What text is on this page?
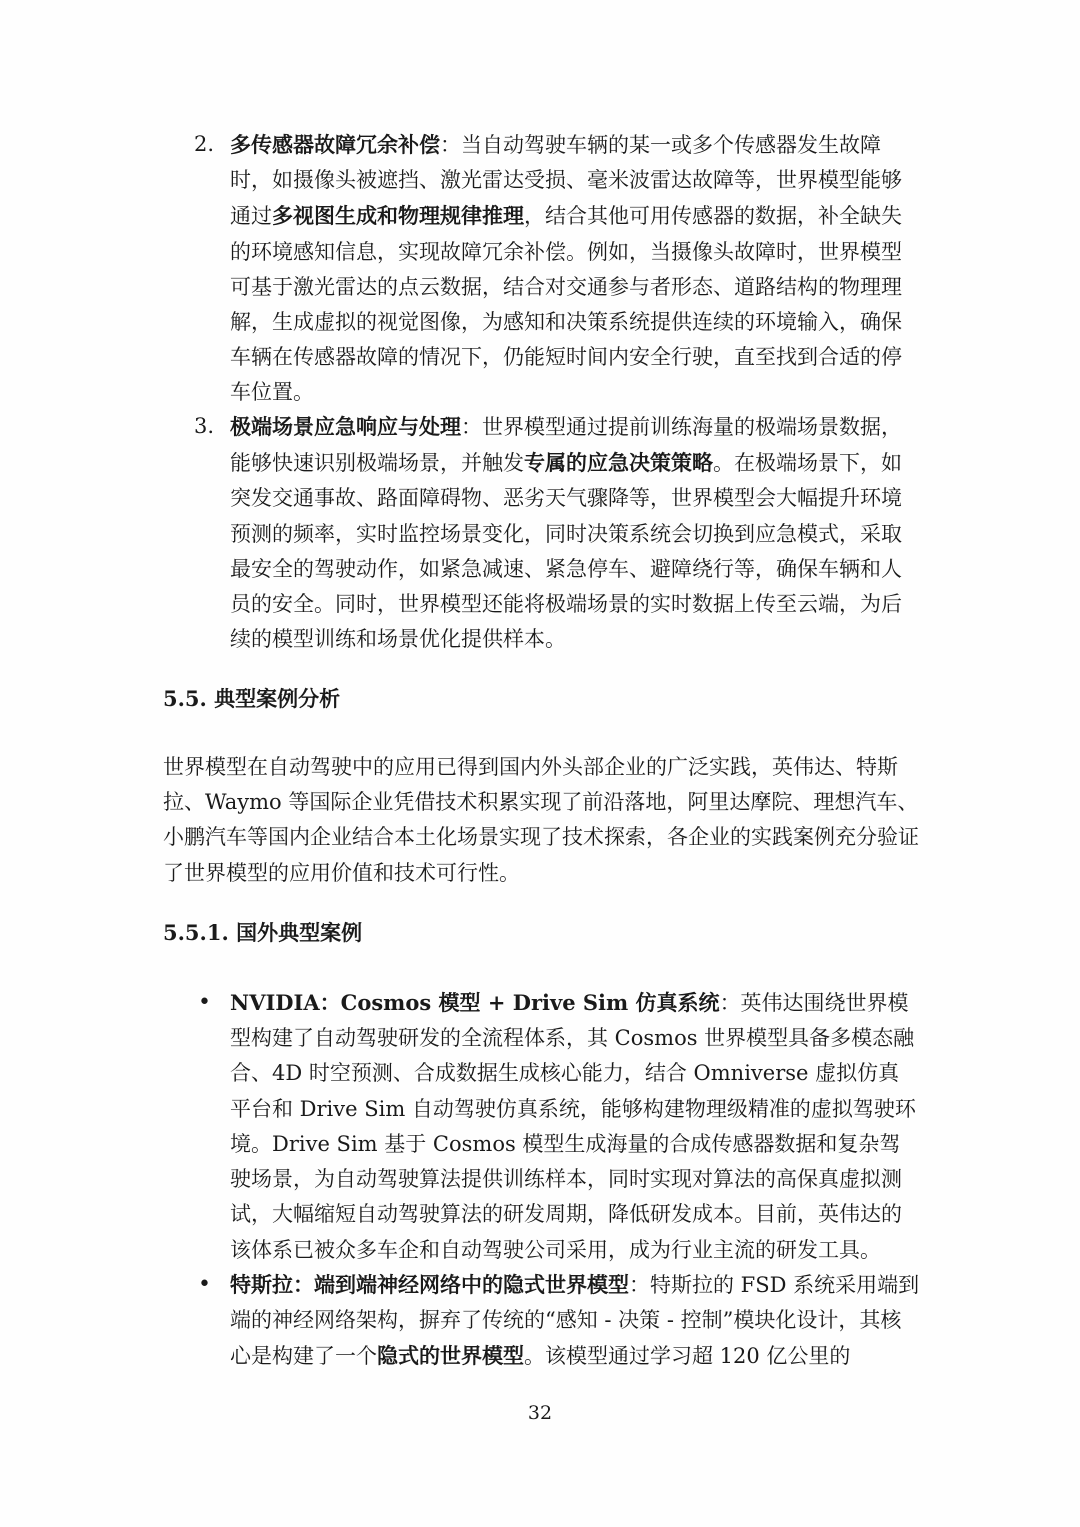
2. 多传感器故障冗余补偿：当自动驾驶车辆的某一或多个传感器发生故障时，如摄像头被遮挡、激光雷达受损、毫米波雷达故障等，世界模型能够通过多视图生成和物理规律推理，结合其他可用传感器的数据，补全缺失的环境感知信息，实现故障冗余补偿。例如，当摄像头故障时，世界模型可基于激光雷达的点云数据，结合对交通参与者形态、道路结构的物理理解，生成虚拟的视觉图像，为感知和决策系统提供连续的环境输入，确保车辆在传感器故障的情况下，仍能短时间内安全行驶，直至找到合适的停车位置。

3. 极端场景应急响应与处理：世界模型通过提前训练海量的极端场景数据，能够快速识别极端场景，并触发专属的应急决策策略。在极端场景下，如突发交通事故、路面障碍物、恶劣天气骤降等，世界模型会大幅提升环境预测的频率，实时监控场景变化，同时决策系统会切换到应急模式，采取最安全的驾驶动作，如紧急减速、紧急停车、避障绕行等，确保车辆和人员的安全。同时，世界模型还能将极端场景的实时数据上传至云端，为后续的模型训练和场景优化提供样本。

5.5. 典型案例分析

世界模型在自动驾驶中的应用已得到国内外头部企业的广泛实践，英伟达、特斯拉、Waymo 等国际企业凭借技术积累实现了前沿落地，阿里达摩院、理想汽车、小鹏汽车等国内企业结合本土化场景实现了技术探索，各企业的实践案例充分验证了世界模型的应用价值和技术可行性。

5.5.1. 国外典型案例
• NVIDIA：Cosmos 模型 + Drive Sim 仿真系统：英伟达围绕世界模型构建了自动驾驶研发的全流程体系，其 Cosmos 世界模型具备多模态融合、4D 时空预测、合成数据生成核心能力，结合 Omniverse 虚拟仿真平台和 Drive Sim 自动驾驶仿真系统，能够构建物理级精准的虚拟驾驶环境。Drive Sim 基于 Cosmos 模型生成海量的合成传感器数据和复杂驾驶场景，为自动驾驶算法提供训练样本，同时实现对算法的高保真虚拟测试，大幅缩短自动驾驶算法的研发周期，降低研发成本。目前，英伟达的该体系已被众多车企和自动驾驶公司采用，成为行业主流的研发工具。

• 特斯拉：端到端神经网络中的隐式世界模型：特斯拉的 FSD 系统采用端到端的神经网络架构，摒弃了传统的“感知 - 决策 - 控制”模块化设计，其核心是构建了一个隐式的世界模型。该模型通过学习超 120 亿公里的

32
